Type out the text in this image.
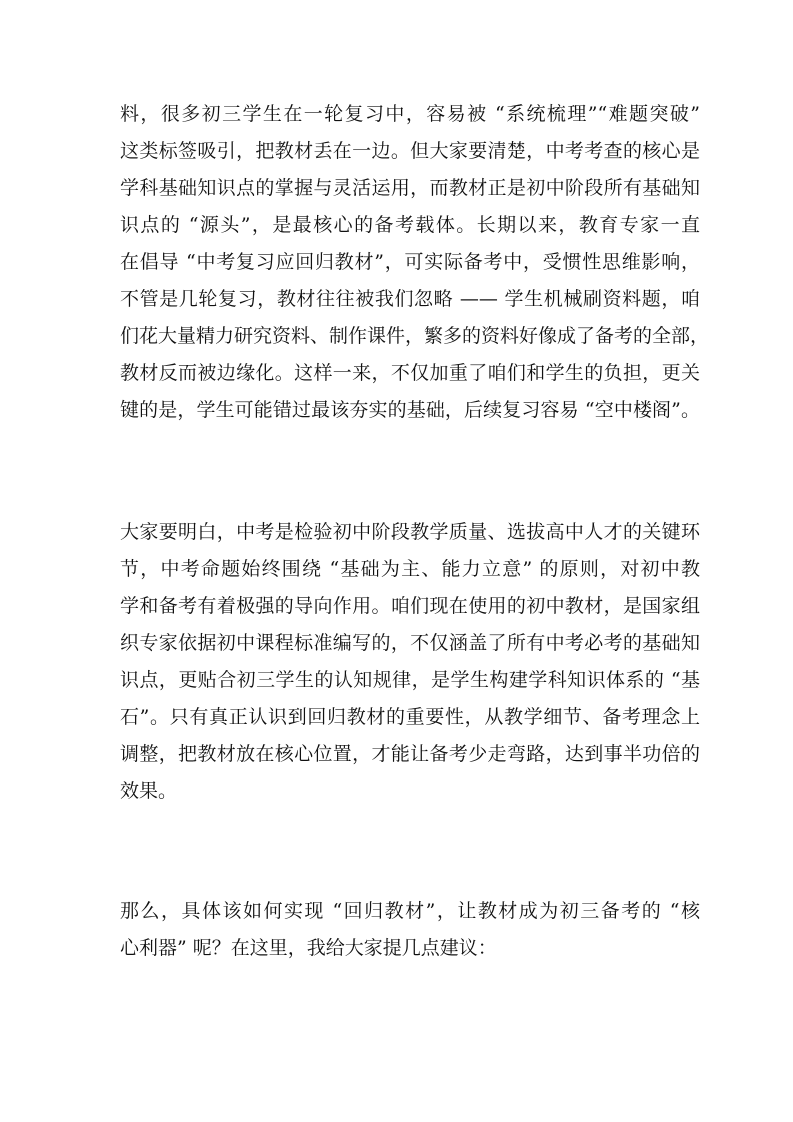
料，很多初三学生在一轮复习中，容易被 “系统梳理”“难题突破”
这类标签吸引，把教材丢在一边。但大家要清楚，中考考查的核心是
学科基础知识点的掌握与灵活运用，而教材正是初中阶段所有基础知
识点的 “源头”，是最核心的备考载体。长期以来，教育专家一直
在倡导 “中考复习应回归教材”，可实际备考中，受惯性思维影响，
不管是几轮复习，教材往往被我们忽略 —— 学生机械刷资料题，咱
们花大量精力研究资料、制作课件，繁多的资料好像成了备考的全部，
教材反而被边缘化。这样一来，不仅加重了咱们和学生的负担，更关
键的是，学生可能错过最该夯实的基础，后续复习容易 “空中楼阁”。
大家要明白，中考是检验初中阶段教学质量、选拔高中人才的关键环
节，中考命题始终围绕 “基础为主、能力立意” 的原则，对初中教
学和备考有着极强的导向作用。咱们现在使用的初中教材，是国家组
织专家依据初中课程标准编写的，不仅涵盖了所有中考必考的基础知
识点，更贴合初三学生的认知规律，是学生构建学科知识体系的 “基
石”。只有真正认识到回归教材的重要性，从教学细节、备考理念上
调整，把教材放在核心位置，才能让备考少走弯路，达到事半功倍的
效果。
那么，具体该如何实现 “回归教材”，让教材成为初三备考的 “核
心利器” 呢？在这里，我给大家提几点建议：
